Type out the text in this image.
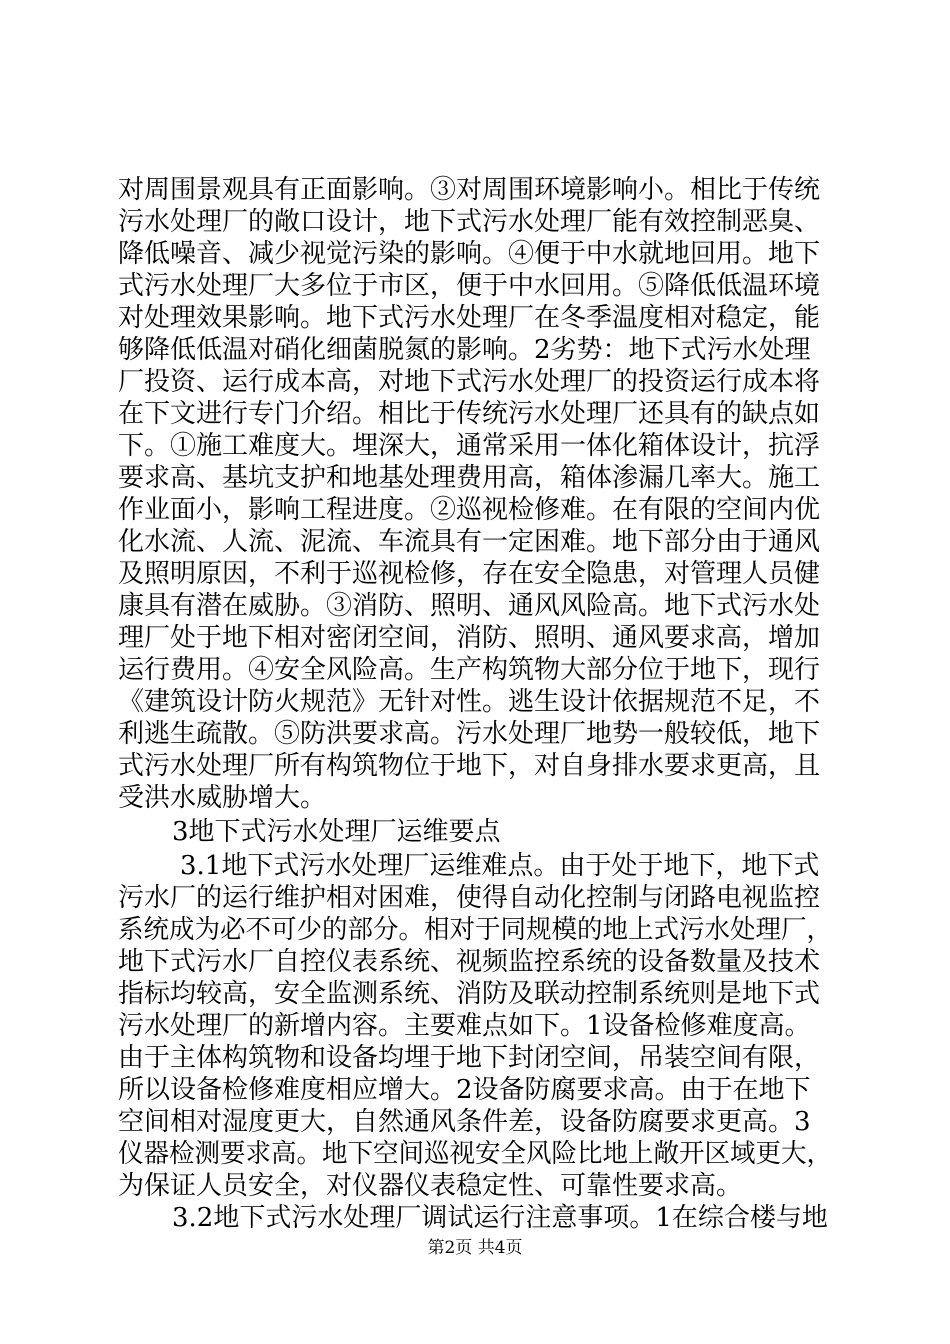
对周围景观具有正面影响。③对周围环境影响小。相比于传统
污水处理厂的敞口设计，地下式污水处理厂能有效控制恶臭、
降低噪音、减少视觉污染的影响。④便于中水就地回用。地下
式污水处理厂大多位于市区，便于中水回用。⑤降低低温环境
对处理效果影响。地下式污水处理厂在冬季温度相对稳定，能
够降低低温对硝化细菌脱氮的影响。2劣势：地下式污水处理
厂投资、运行成本高，对地下式污水处理厂的投资运行成本将
在下文进行专门介绍。相比于传统污水处理厂还具有的缺点如
下。①施工难度大。埋深大，通常采用一体化箱体设计，抗浮
要求高、基坑支护和地基处理费用高，箱体渗漏几率大。施工
作业面小，影响工程进度。②巡视检修难。在有限的空间内优
化水流、人流、泥流、车流具有一定困难。地下部分由于通风
及照明原因，不利于巡视检修，存在安全隐患，对管理人员健
康具有潜在威胁。③消防、照明、通风风险高。地下式污水处
理厂处于地下相对密闭空间，消防、照明、通风要求高，增加
运行费用。④安全风险高。生产构筑物大部分位于地下，现行
《建筑设计防火规范》无针对性。逃生设计依据规范不足，不
利逃生疏散。⑤防洪要求高。污水处理厂地势一般较低，地下
式污水处理厂所有构筑物位于地下，对自身排水要求更高，且
受洪水威胁增大。
3地下式污水处理厂运维要点
3.1地下式污水处理厂运维难点。由于处于地下，地下式
污水厂的运行维护相对困难，使得自动化控制与闭路电视监控
系统成为必不可少的部分。相对于同规模的地上式污水处理厂，
地下式污水厂自控仪表系统、视频监控系统的设备数量及技术
指标均较高，安全监测系统、消防及联动控制系统则是地下式
污水处理厂的新增内容。主要难点如下。1设备检修难度高。
由于主体构筑物和设备均埋于地下封闭空间，吊装空间有限，
所以设备检修难度相应增大。2设备防腐要求高。由于在地下
空间相对湿度更大，自然通风条件差，设备防腐要求更高。3
仪器检测要求高。地下空间巡视安全风险比地上敞开区域更大，
为保证人员安全，对仪器仪表稳定性、可靠性要求高。
3.2地下式污水处理厂调试运行注意事项。1在综合楼与地
第2页 共4页
